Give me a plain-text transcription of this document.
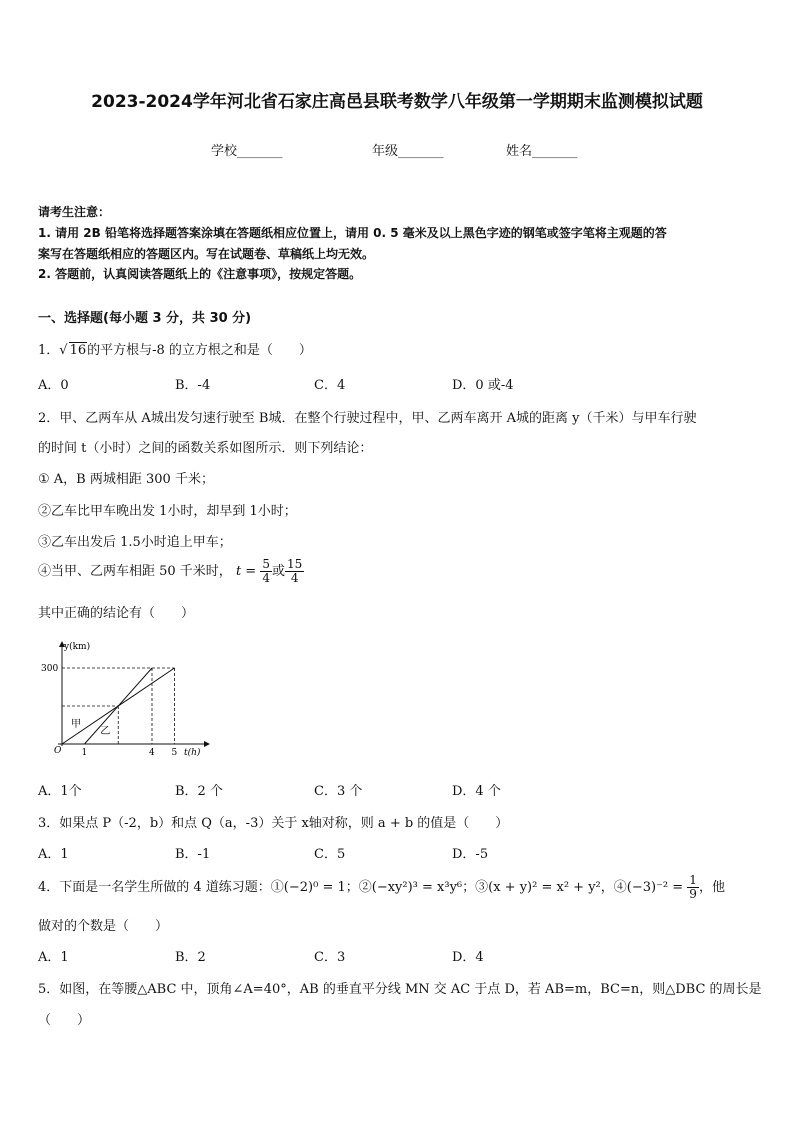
2023-2024学年河北省石家庄高邑县联考数学八年级第一学期期末监测模拟试题
学校_______	年级_______	姓名_______
请考生注意：
1. 请用 2B 铅笔将选择题答案涂填在答题纸相应位置上，请用 0. 5 毫米及以上黑色字迹的钢笔或签字笔将主观题的答
案写在答题纸相应的答题区内。写在试题卷、草稿纸上均无效。
2. 答题前，认真阅读答题纸上的《注意事项》，按规定答题。
一、选择题(每小题 3 分，共 30 分)
1．√ 16的平方根与-8 的立方根之和是（　　）
A．0	B．-4	C．4	D．0 或-4
2．甲、乙两车从 A城出发匀速行驶至 B城．在整个行驶过程中，甲、乙两车离开 A城的距离 y（千米）与甲车行驶
的时间 t（小时）之间的函数关系如图所示．则下列结论：
① A，B 两城相距 300 千米；
②乙车比甲车晚出发 1小时，却早到 1小时；
③乙车出发后 1.5小时追上甲车；
④当甲、乙两车相距 50 千米时， $t = \frac{5}{4}$ 或 $\frac{15}{4}$
其中正确的结论有（　　）
y(km)
t(h)
O
300
1	4 5
甲
乙
A．1个	B．2 个	C．3 个	D．4 个
3．如果点 P（-2，b）和点 Q（a，-3）关于 x轴对称，则 a + b 的值是（　　）
A．1	B．-1	C．5	D．-5
4．下面是一名学生所做的 4 道练习题：①(−2)⁰ = 1；②(−xy²)³ = x³y⁶；③(x + y)² = x² + y²，④(−3)⁻² = $\frac{1}{9}$ ，他
做对的个数是（　　）
A．1	B．2	C．3	D．4
5．如图，在等腰△ABC 中，顶角∠A=40°，AB 的垂直平分线 MN 交 AC 于点 D，若 AB=m，BC=n，则△DBC 的周长是
（　　）
